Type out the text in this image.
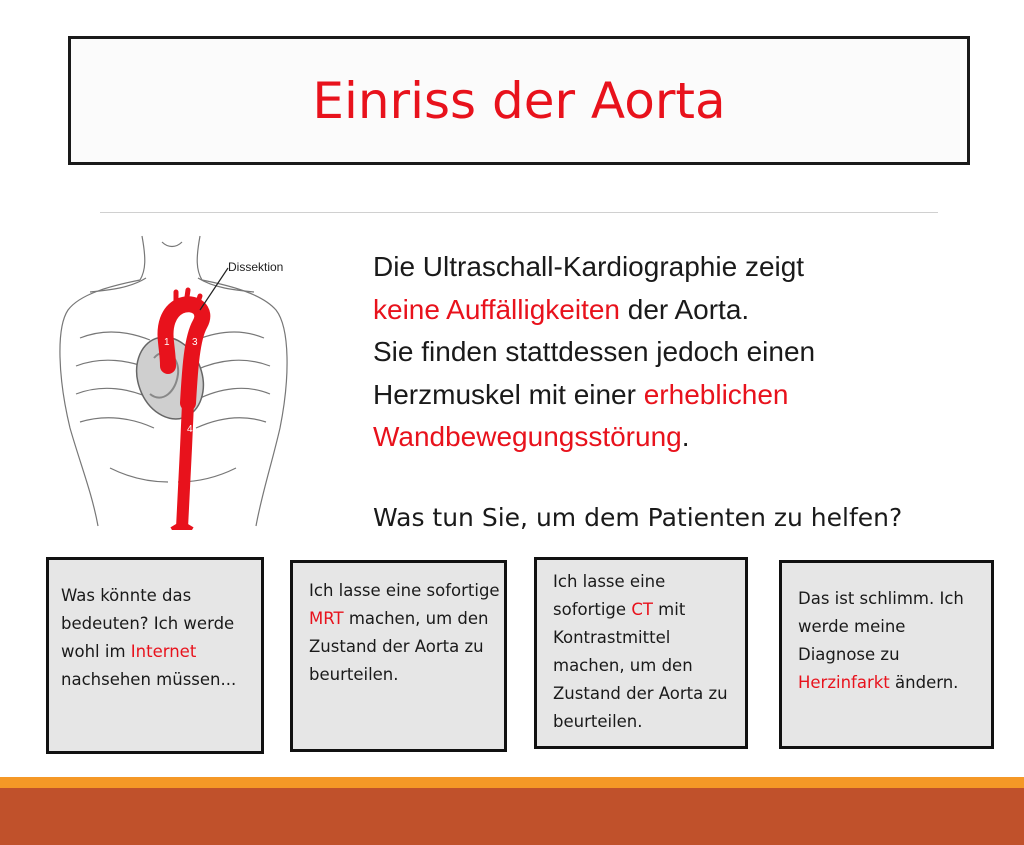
Einriss der Aorta
Dissektion
1
2
3
4

Die Ultraschall-Kardiographie zeigt

keine Auffälligkeiten der Aorta.

Sie finden stattdessen jedoch einen

Herzmuskel mit einer erheblichen

Wandbewegungsstörung.

Was tun Sie, um dem Patienten zu helfen?

Was könnte das bedeuten? Ich werde wohl im Internet nachsehen müssen...

Ich lasse eine sofortige MRT machen, um den Zustand der Aorta zu beurteilen.

Ich lasse eine sofortige CT mit Kontrastmittel machen, um den Zustand der Aorta zu beurteilen.

Das ist schlimm. Ich werde meine Diagnose zu Herzinfarkt ändern.
